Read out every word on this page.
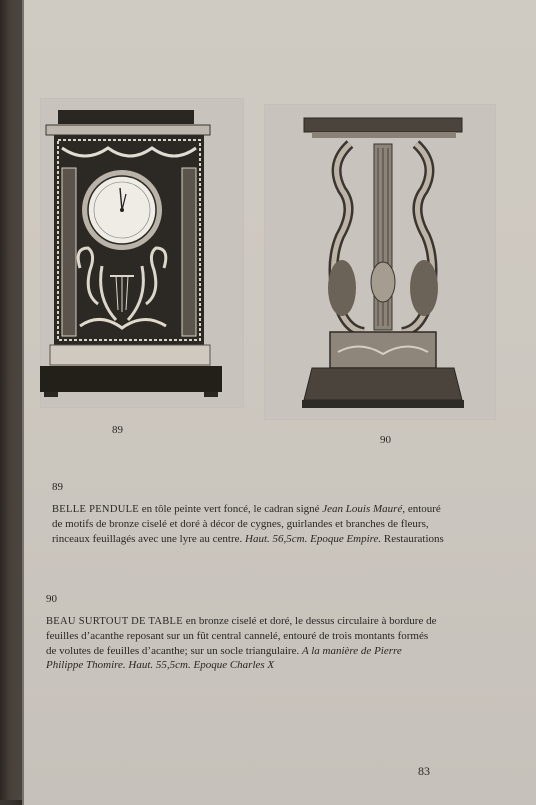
89
90
89
BELLE PENDULE en tôle peinte vert foncé, le cadran signé Jean Louis Mauré, entouré de motifs de bronze ciselé et doré à décor de cygnes, guirlandes et branches de fleurs, rinceaux feuillagés avec une lyre au centre. Haut. 56,5cm. Epoque Empire. Restaurations
90
BEAU SURTOUT DE TABLE en bronze ciselé et doré, le dessus circulaire à bordure de feuilles d’acanthe reposant sur un fût central cannelé, entouré de trois montants formés de volutes de feuilles d’acanthe; sur un socle triangulaire. A la manière de Pierre Philippe Thomire. Haut. 55,5cm. Epoque Charles X
83
